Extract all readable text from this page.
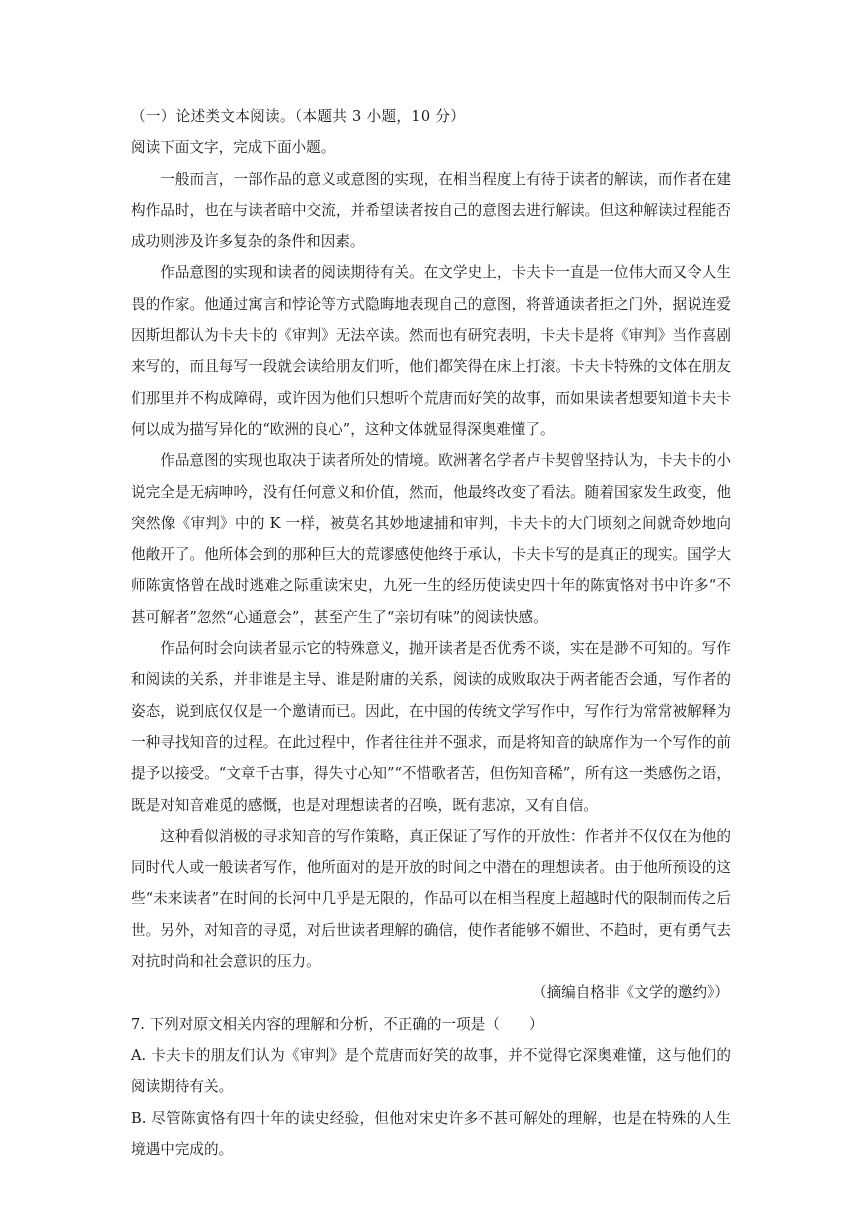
（一）论述类文本阅读。（本题共 3 小题，10 分）

阅读下面文字，完成下面小题。

一般而言，一部作品的意义或意图的实现，在相当程度上有待于读者的解读，而作者在建构作品时，也在与读者暗中交流，并希望读者按自己的意图去进行解读。但这种解读过程能否成功则涉及许多复杂的条件和因素。

作品意图的实现和读者的阅读期待有关。在文学史上，卡夫卡一直是一位伟大而又令人生畏的作家。他通过寓言和悖论等方式隐晦地表现自己的意图，将普通读者拒之门外，据说连爱因斯坦都认为卡夫卡的《审判》无法卒读。然而也有研究表明，卡夫卡是将《审判》当作喜剧来写的，而且每写一段就会读给朋友们听，他们都笑得在床上打滚。卡夫卡特殊的文体在朋友们那里并不构成障碍，或许因为他们只想听个荒唐而好笑的故事，而如果读者想要知道卡夫卡何以成为描写异化的“欧洲的良心”，这种文体就显得深奥难懂了。

作品意图的实现也取决于读者所处的情境。欧洲著名学者卢卡契曾坚持认为，卡夫卡的小说完全是无病呻吟，没有任何意义和价值，然而，他最终改变了看法。随着国家发生政变，他突然像《审判》中的 K 一样，被莫名其妙地逮捕和审判，卡夫卡的大门顷刻之间就奇妙地向他敞开了。他所体会到的那种巨大的荒谬感使他终于承认，卡夫卡写的是真正的现实。国学大师陈寅恪曾在战时逃难之际重读宋史，九死一生的经历使读史四十年的陈寅恪对书中许多“不甚可解者”忽然“心通意会”，甚至产生了“亲切有味”的阅读快感。

作品何时会向读者显示它的特殊意义，抛开读者是否优秀不谈，实在是渺不可知的。写作和阅读的关系，并非谁是主导、谁是附庸的关系，阅读的成败取决于两者能否会通，写作者的姿态，说到底仅仅是一个邀请而已。因此，在中国的传统文学写作中，写作行为常常被解释为一种寻找知音的过程。在此过程中，作者往往并不强求，而是将知音的缺席作为一个写作的前提予以接受。“文章千古事，得失寸心知”“不惜歌者苦，但伤知音稀”，所有这一类感伤之语，既是对知音难觅的感慨，也是对理想读者的召唤，既有悲凉，又有自信。

这种看似消极的寻求知音的写作策略，真正保证了写作的开放性：作者并不仅仅在为他的同时代人或一般读者写作，他所面对的是开放的时间之中潜在的理想读者。由于他所预设的这些“未来读者”在时间的长河中几乎是无限的，作品可以在相当程度上超越时代的限制而传之后世。另外，对知音的寻觅，对后世读者理解的确信，使作者能够不媚世、不趋时，更有勇气去对抗时尚和社会意识的压力。

（摘编自格非《文学的邀约》）

7. 下列对原文相关内容的理解和分析，不正确的一项是（　　）

A. 卡夫卡的朋友们认为《审判》是个荒唐而好笑的故事，并不觉得它深奥难懂，这与他们的阅读期待有关。

B. 尽管陈寅恪有四十年的读史经验，但他对宋史许多不甚可解处的理解，也是在特殊的人生境遇中完成的。
